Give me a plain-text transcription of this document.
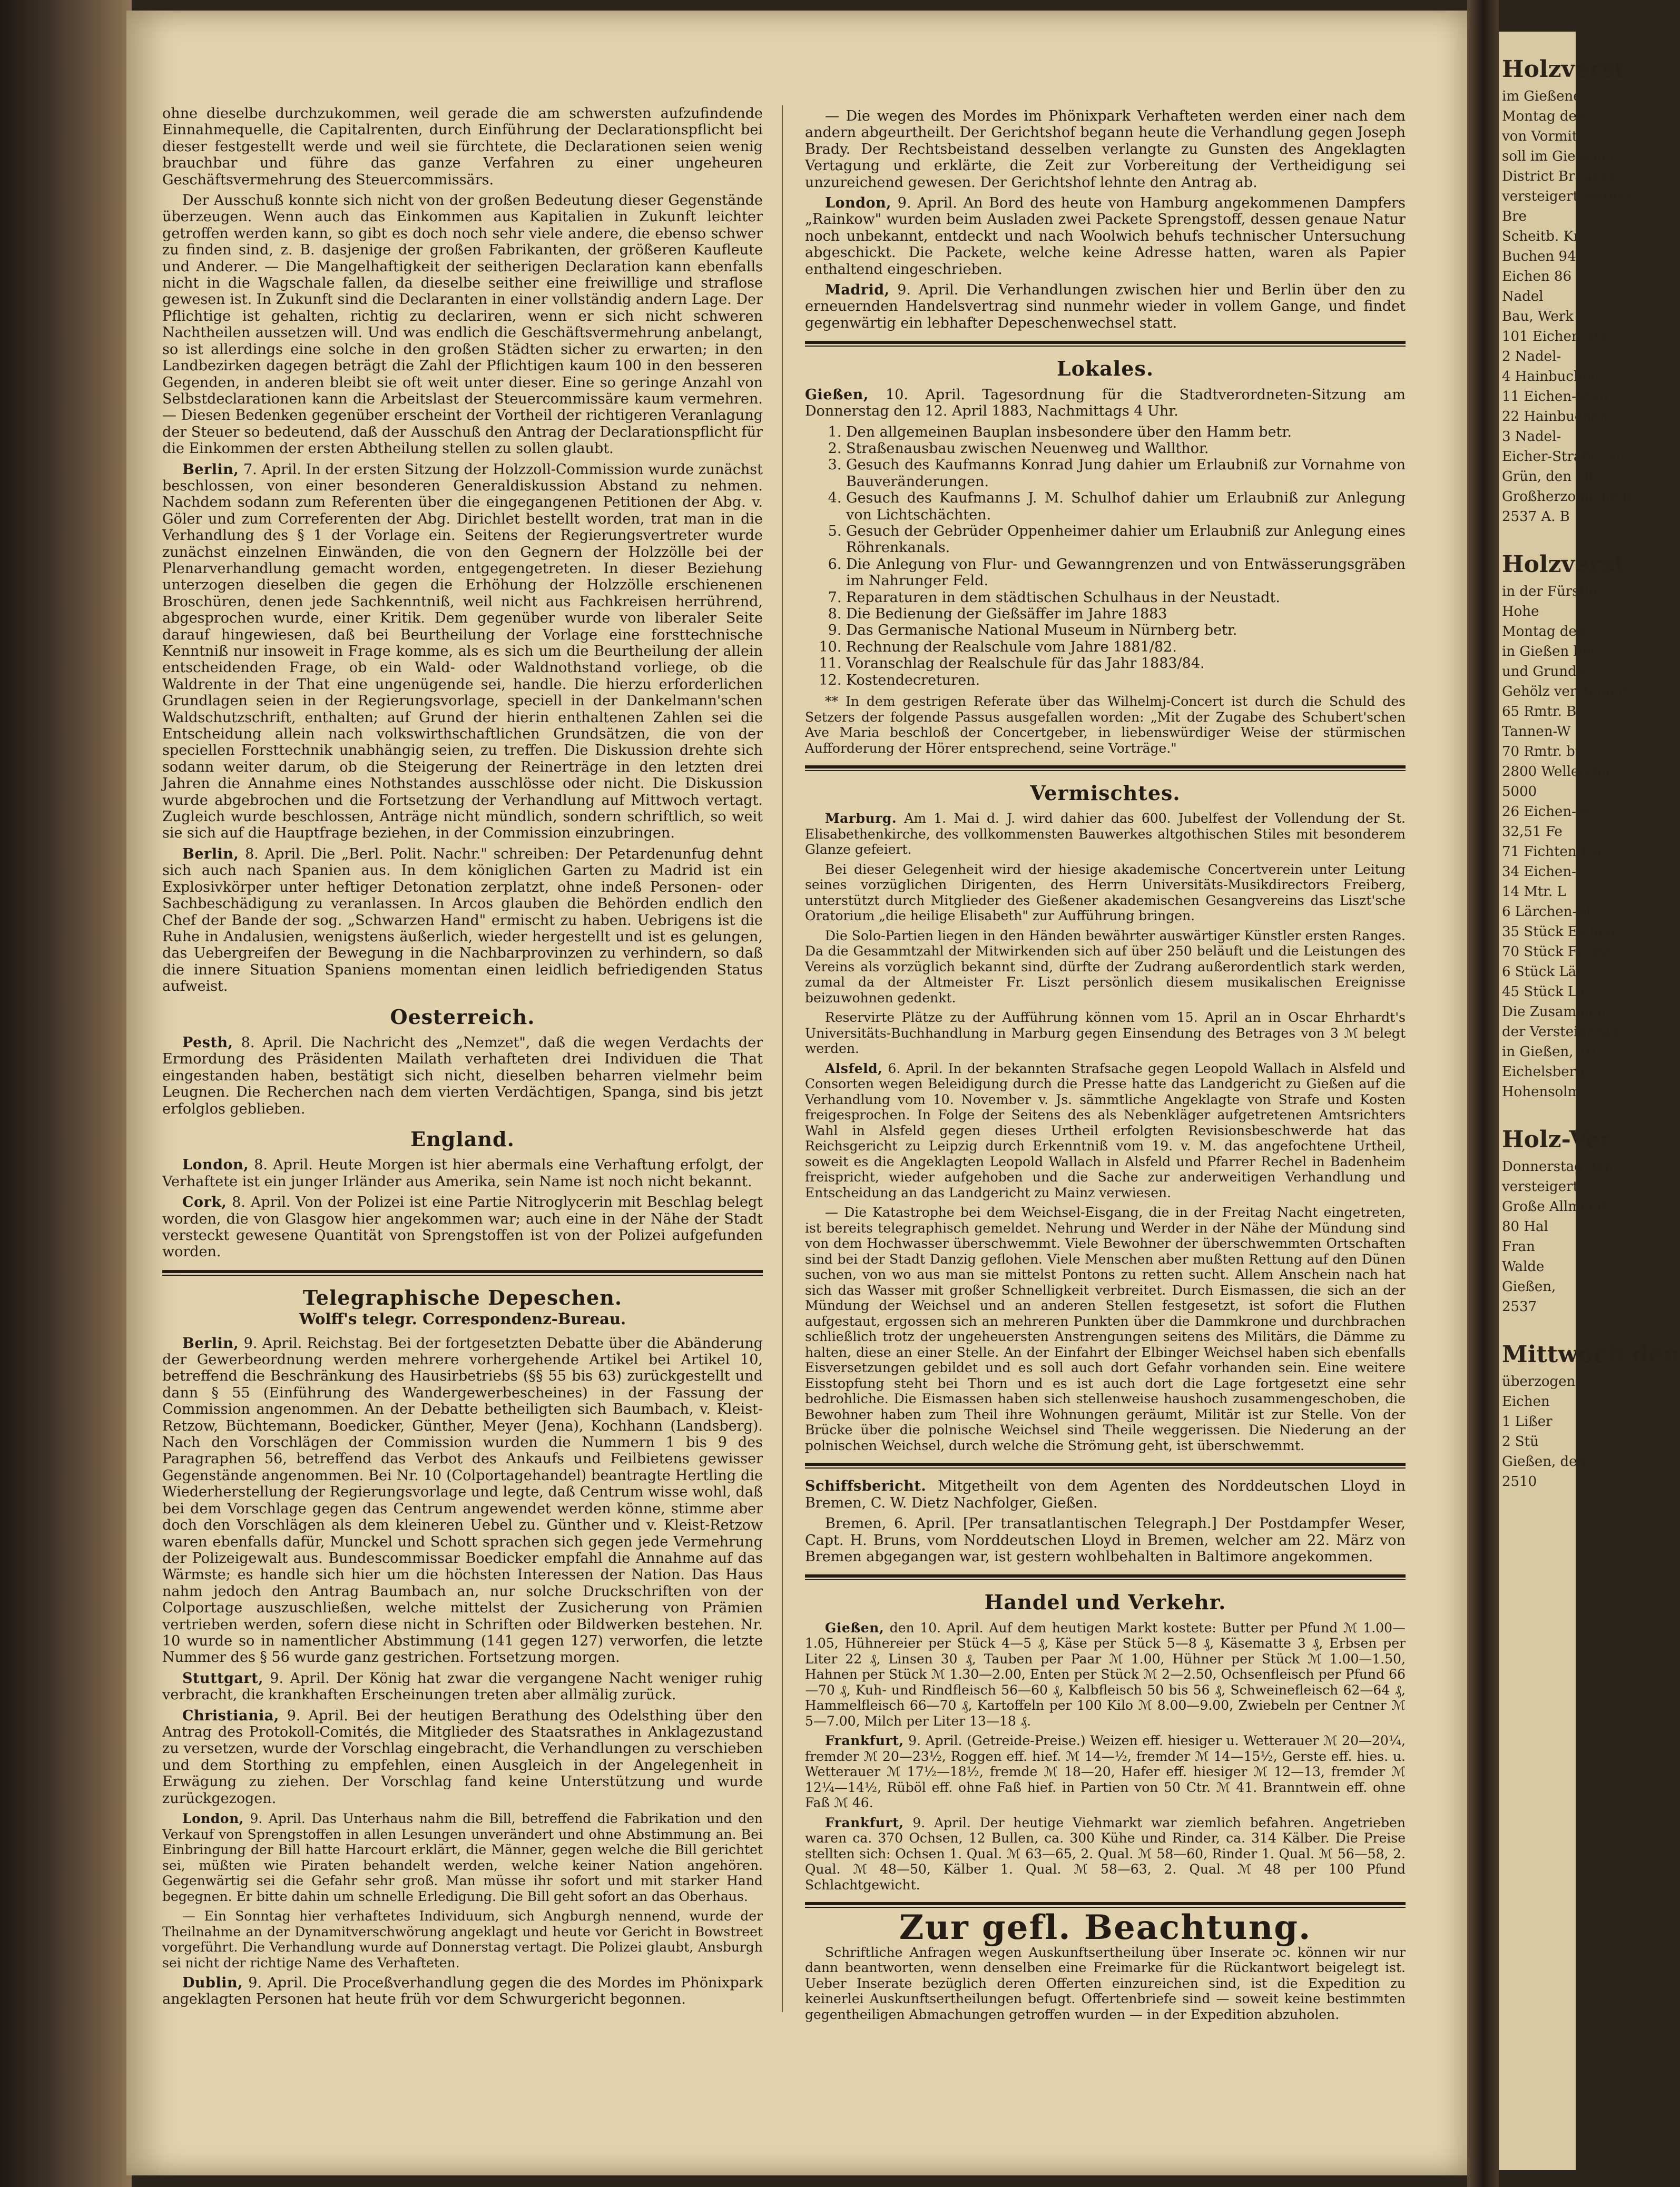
ohne dieselbe durchzukommen, weil gerade die am schwersten aufzufindende Einnahmequelle, die Capitalrenten, durch Einführung der Declarationspflicht bei dieser festgestellt werde und weil sie fürchtete, die Declarationen seien wenig brauchbar und führe das ganze Verfahren zu einer ungeheuren Geschäftsvermehrung des Steuercommissärs.

Der Ausschuß konnte sich nicht von der großen Bedeutung dieser Gegenstände überzeugen. Wenn auch das Einkommen aus Kapitalien in Zukunft leichter getroffen werden kann, so gibt es doch noch sehr viele andere, die ebenso schwer zu finden sind, z. B. dasjenige der großen Fabrikanten, der größeren Kaufleute und Anderer. — Die Mangelhaftigkeit der seitherigen Declaration kann ebenfalls nicht in die Wagschale fallen, da dieselbe seither eine freiwillige und straflose gewesen ist. In Zukunft sind die Declaranten in einer vollständig andern Lage. Der Pflichtige ist gehalten, richtig zu declariren, wenn er sich nicht schweren Nachtheilen aussetzen will. Und was endlich die Geschäftsvermehrung anbelangt, so ist allerdings eine solche in den großen Städten sicher zu erwarten; in den Landbezirken dagegen beträgt die Zahl der Pflichtigen kaum 100 in den besseren Gegenden, in anderen bleibt sie oft weit unter dieser. Eine so geringe Anzahl von Selbstdeclarationen kann die Arbeitslast der Steuercommissäre kaum vermehren. — Diesen Bedenken gegenüber erscheint der Vortheil der richtigeren Veranlagung der Steuer so bedeutend, daß der Ausschuß den Antrag der Declarationspflicht für die Einkommen der ersten Abtheilung stellen zu sollen glaubt.

Berlin, 7. April. In der ersten Sitzung der Holzzoll-Commission wurde zunächst beschlossen, von einer besonderen Generaldiskussion Abstand zu nehmen. Nachdem sodann zum Referenten über die eingegangenen Petitionen der Abg. v. Göler und zum Correferenten der Abg. Dirichlet bestellt worden, trat man in die Verhandlung des § 1 der Vorlage ein. Seitens der Regierungsvertreter wurde zunächst einzelnen Einwänden, die von den Gegnern der Holzzölle bei der Plenarverhandlung gemacht worden, entgegengetreten. In dieser Beziehung unterzogen dieselben die gegen die Erhöhung der Holzzölle erschienenen Broschüren, denen jede Sachkenntniß, weil nicht aus Fachkreisen herrührend, abgesprochen wurde, einer Kritik. Dem gegenüber wurde von liberaler Seite darauf hingewiesen, daß bei Beurtheilung der Vorlage eine forsttechnische Kenntniß nur insoweit in Frage komme, als es sich um die Beurtheilung der allein entscheidenden Frage, ob ein Wald- oder Waldnothstand vorliege, ob die Waldrente in der That eine ungenügende sei, handle. Die hierzu erforderlichen Grundlagen seien in der Regierungsvorlage, speciell in der Dankelmann'schen Waldschutzschrift, enthalten; auf Grund der hierin enthaltenen Zahlen sei die Entscheidung allein nach volkswirthschaftlichen Grundsätzen, die von der speciellen Forsttechnik unabhängig seien, zu treffen. Die Diskussion drehte sich sodann weiter darum, ob die Steigerung der Reinerträge in den letzten drei Jahren die Annahme eines Nothstandes ausschlösse oder nicht. Die Diskussion wurde abgebrochen und die Fortsetzung der Verhandlung auf Mittwoch vertagt. Zugleich wurde beschlossen, Anträge nicht mündlich, sondern schriftlich, so weit sie sich auf die Hauptfrage beziehen, in der Commission einzubringen.

Berlin, 8. April. Die „Berl. Polit. Nachr." schreiben: Der Petardenunfug dehnt sich auch nach Spanien aus. In dem königlichen Garten zu Madrid ist ein Explosivkörper unter heftiger Detonation zerplatzt, ohne indeß Personen- oder Sachbeschädigung zu veranlassen. In Arcos glauben die Behörden endlich den Chef der Bande der sog. „Schwarzen Hand" ermischt zu haben. Uebrigens ist die Ruhe in Andalusien, wenigstens äußerlich, wieder hergestellt und ist es gelungen, das Uebergreifen der Bewegung in die Nachbarprovinzen zu verhindern, so daß die innere Situation Spaniens momentan einen leidlich befriedigenden Status aufweist.

Oesterreich.

Pesth, 8. April. Die Nachricht des „Nemzet", daß die wegen Verdachts der Ermordung des Präsidenten Mailath verhafteten drei Individuen die That eingestanden haben, bestätigt sich nicht, dieselben beharren vielmehr beim Leugnen. Die Recherchen nach dem vierten Verdächtigen, Spanga, sind bis jetzt erfolglos geblieben.

England.

London, 8. April. Heute Morgen ist hier abermals eine Verhaftung erfolgt, der Verhaftete ist ein junger Irländer aus Amerika, sein Name ist noch nicht bekannt.

Cork, 8. April. Von der Polizei ist eine Partie Nitroglycerin mit Beschlag belegt worden, die von Glasgow hier angekommen war; auch eine in der Nähe der Stadt versteckt gewesene Quantität von Sprengstoffen ist von der Polizei aufgefunden worden.

Telegraphische Depeschen.
Wolff's telegr. Correspondenz-Bureau.

Berlin, 9. April. Reichstag. Bei der fortgesetzten Debatte über die Abänderung der Gewerbeordnung werden mehrere vorhergehende Artikel bei Artikel 10, betreffend die Beschränkung des Hausirbetriebs (§§ 55 bis 63) zurückgestellt und dann § 55 (Einführung des Wandergewerbescheines) in der Fassung der Commission angenommen. An der Debatte betheiligten sich Baumbach, v. Kleist-Retzow, Büchtemann, Boedicker, Günther, Meyer (Jena), Kochhann (Landsberg). Nach den Vorschlägen der Commission wurden die Nummern 1 bis 9 des Paragraphen 56, betreffend das Verbot des Ankaufs und Feilbietens gewisser Gegenstände angenommen. Bei Nr. 10 (Colportagehandel) beantragte Hertling die Wiederherstellung der Regierungsvorlage und legte, daß Centrum wisse wohl, daß bei dem Vorschlage gegen das Centrum angewendet werden könne, stimme aber doch den Vorschlägen als dem kleineren Uebel zu. Günther und v. Kleist-Retzow waren ebenfalls dafür, Munckel und Schott sprachen sich gegen jede Vermehrung der Polizeigewalt aus. Bundescommissar Boedicker empfahl die Annahme auf das Wärmste; es handle sich hier um die höchsten Interessen der Nation. Das Haus nahm jedoch den Antrag Baumbach an, nur solche Druckschriften von der Colportage auszuschließen, welche mittelst der Zusicherung von Prämien vertrieben werden, sofern diese nicht in Schriften oder Bildwerken bestehen. Nr. 10 wurde so in namentlicher Abstimmung (141 gegen 127) verworfen, die letzte Nummer des § 56 wurde ganz gestrichen. Fortsetzung morgen.

Stuttgart, 9. April. Der König hat zwar die vergangene Nacht weniger ruhig verbracht, die krankhaften Erscheinungen treten aber allmälig zurück.

Christiania, 9. April. Bei der heutigen Berathung des Odelsthing über den Antrag des Protokoll-Comités, die Mitglieder des Staatsrathes in Anklagezustand zu versetzen, wurde der Vorschlag eingebracht, die Verhandlungen zu verschieben und dem Storthing zu empfehlen, einen Ausgleich in der Angelegenheit in Erwägung zu ziehen. Der Vorschlag fand keine Unterstützung und wurde zurückgezogen.

London, 9. April. Das Unterhaus nahm die Bill, betreffend die Fabrikation und den Verkauf von Sprengstoffen in allen Lesungen unverändert und ohne Abstimmung an. Bei Einbringung der Bill hatte Harcourt erklärt, die Männer, gegen welche die Bill gerichtet sei, müßten wie Piraten behandelt werden, welche keiner Nation angehören. Gegenwärtig sei die Gefahr sehr groß. Man müsse ihr sofort und mit starker Hand begegnen. Er bitte dahin um schnelle Erledigung. Die Bill geht sofort an das Oberhaus.

— Ein Sonntag hier verhaftetes Individuum, sich Angburgh nennend, wurde der Theilnahme an der Dynamitverschwörung angeklagt und heute vor Gericht in Bowstreet vorgeführt. Die Verhandlung wurde auf Donnerstag vertagt. Die Polizei glaubt, Ansburgh sei nicht der richtige Name des Verhafteten.

Dublin, 9. April. Die Proceßverhandlung gegen die des Mordes im Phönixpark angeklagten Personen hat heute früh vor dem Schwurgericht begonnen.

— Die wegen des Mordes im Phönixpark Verhafteten werden einer nach dem andern abgeurtheilt. Der Gerichtshof begann heute die Verhandlung gegen Joseph Brady. Der Rechtsbeistand desselben verlangte zu Gunsten des Angeklagten Vertagung und erklärte, die Zeit zur Vorbereitung der Vertheidigung sei unzureichend gewesen. Der Gerichtshof lehnte den Antrag ab.

London, 9. April. An Bord des heute von Hamburg angekommenen Dampfers „Rainkow" wurden beim Ausladen zwei Packete Sprengstoff, dessen genaue Natur noch unbekannt, entdeckt und nach Woolwich behufs technischer Untersuchung abgeschickt. Die Packete, welche keine Adresse hatten, waren als Papier enthaltend eingeschrieben.

Madrid, 9. April. Die Verhandlungen zwischen hier und Berlin über den zu erneuernden Handelsvertrag sind nunmehr wieder in vollem Gange, und findet gegenwärtig ein lebhafter Depeschenwechsel statt.

Lokales.

Gießen, 10. April. Tagesordnung für die Stadtverordneten-Sitzung am Donnerstag den 12. April 1883, Nachmittags 4 Uhr.

1. Den allgemeinen Bauplan insbesondere über den Hamm betr.
2. Straßenausbau zwischen Neuenweg und Wallthor.
3. Gesuch des Kaufmanns Konrad Jung dahier um Erlaubniß zur Vornahme von Bauveränderungen.
4. Gesuch des Kaufmanns J. M. Schulhof dahier um Erlaubniß zur Anlegung von Lichtschächten.
5. Gesuch der Gebrüder Oppenheimer dahier um Erlaubniß zur Anlegung eines Röhrenkanals.
6. Die Anlegung von Flur- und Gewanngrenzen und von Entwässerungsgräben im Nahrunger Feld.
7. Reparaturen in dem städtischen Schulhaus in der Neustadt.
8. Die Bedienung der Gießsäffer im Jahre 1883
9. Das Germanische National Museum in Nürnberg betr.
10. Rechnung der Realschule vom Jahre 1881/82.
11. Voranschlag der Realschule für das Jahr 1883/84.
12. Kostendecreturen.

** In dem gestrigen Referate über das Wilhelmj-Concert ist durch die Schuld des Setzers der folgende Passus ausgefallen worden: „Mit der Zugabe des Schubert'schen Ave Maria beschloß der Concertgeber, in liebenswürdiger Weise der stürmischen Aufforderung der Hörer entsprechend, seine Vorträge."

Vermischtes.

Marburg. Am 1. Mai d. J. wird dahier das 600. Jubelfest der Vollendung der St. Elisabethenkirche, des vollkommensten Bauwerkes altgothischen Stiles mit besonderem Glanze gefeiert.

Bei dieser Gelegenheit wird der hiesige akademische Concertverein unter Leitung seines vorzüglichen Dirigenten, des Herrn Universitäts-Musikdirectors Freiberg, unterstützt durch Mitglieder des Gießener akademischen Gesangvereins das Liszt'sche Oratorium „die heilige Elisabeth" zur Aufführung bringen.

Die Solo-Partien liegen in den Händen bewährter auswärtiger Künstler ersten Ranges. Da die Gesammtzahl der Mitwirkenden sich auf über 250 beläuft und die Leistungen des Vereins als vorzüglich bekannt sind, dürfte der Zudrang außerordentlich stark werden, zumal da der Altmeister Fr. Liszt persönlich diesem musikalischen Ereignisse beizuwohnen gedenkt.

Reservirte Plätze zu der Aufführung können vom 15. April an in Oscar Ehrhardt's Universitäts-Buchhandlung in Marburg gegen Einsendung des Betrages von 3 ℳ belegt werden.

Alsfeld, 6. April. In der bekannten Strafsache gegen Leopold Wallach in Alsfeld und Consorten wegen Beleidigung durch die Presse hatte das Landgericht zu Gießen auf die Verhandlung vom 10. November v. Js. sämmtliche Angeklagte von Strafe und Kosten freigesprochen. In Folge der Seitens des als Nebenkläger aufgetretenen Amtsrichters Wahl in Alsfeld gegen dieses Urtheil erfolgten Revisionsbeschwerde hat das Reichsgericht zu Leipzig durch Erkenntniß vom 19. v. M. das angefochtene Urtheil, soweit es die Angeklagten Leopold Wallach in Alsfeld und Pfarrer Rechel in Badenheim freispricht, wieder aufgehoben und die Sache zur anderweitigen Verhandlung und Entscheidung an das Landgericht zu Mainz verwiesen.

— Die Katastrophe bei dem Weichsel-Eisgang, die in der Freitag Nacht eingetreten, ist bereits telegraphisch gemeldet. Nehrung und Werder in der Nähe der Mündung sind von dem Hochwasser überschwemmt. Viele Bewohner der überschwemmten Ortschaften sind bei der Stadt Danzig geflohen. Viele Menschen aber mußten Rettung auf den Dünen suchen, von wo aus man sie mittelst Pontons zu retten sucht. Allem Anschein nach hat sich das Wasser mit großer Schnelligkeit verbreitet. Durch Eismassen, die sich an der Mündung der Weichsel und an anderen Stellen festgesetzt, ist sofort die Fluthen aufgestaut, ergossen sich an mehreren Punkten über die Dammkrone und durchbrachen schließlich trotz der ungeheuersten Anstrengungen seitens des Militärs, die Dämme zu halten, diese an einer Stelle. An der Einfahrt der Elbinger Weichsel haben sich ebenfalls Eisversetzungen gebildet und es soll auch dort Gefahr vorhanden sein. Eine weitere Eisstopfung steht bei Thorn und es ist auch dort die Lage fortgesetzt eine sehr bedrohliche. Die Eismassen haben sich stellenweise haushoch zusammengeschoben, die Bewohner haben zum Theil ihre Wohnungen geräumt, Militär ist zur Stelle. Von der Brücke über die polnische Weichsel sind Theile weggerissen. Die Niederung an der polnischen Weichsel, durch welche die Strömung geht, ist überschwemmt.

Schiffsbericht. Mitgetheilt von dem Agenten des Norddeutschen Lloyd in Bremen, C. W. Dietz Nachfolger, Gießen.

Bremen, 6. April. [Per transatlantischen Telegraph.] Der Postdampfer Weser, Capt. H. Bruns, vom Norddeutschen Lloyd in Bremen, welcher am 22. März von Bremen abgegangen war, ist gestern wohlbehalten in Baltimore angekommen.

Handel und Verkehr.

Gießen, den 10. April. Auf dem heutigen Markt kostete: Butter per Pfund ℳ 1.00—1.05, Hühnereier per Stück 4—5 ₰, Käse per Stück 5—8 ₰, Käsematte 3 ₰, Erbsen per Liter 22 ₰, Linsen 30 ₰, Tauben per Paar ℳ 1.00, Hühner per Stück ℳ 1.00—1.50, Hahnen per Stück ℳ 1.30—2.00, Enten per Stück ℳ 2—2.50, Ochsenfleisch per Pfund 66—70 ₰, Kuh- und Rindfleisch 56—60 ₰, Kalbfleisch 50 bis 56 ₰, Schweinefleisch 62—64 ₰, Hammelfleisch 66—70 ₰, Kartoffeln per 100 Kilo ℳ 8.00—9.00, Zwiebeln per Centner ℳ 5—7.00, Milch per Liter 13—18 ₰.

Frankfurt, 9. April. (Getreide-Preise.) Weizen eff. hiesiger u. Wetterauer ℳ 20—20¼, fremder ℳ 20—23½, Roggen eff. hief. ℳ 14—½, fremder ℳ 14—15½, Gerste eff. hies. u. Wetterauer ℳ 17½—18½, fremde ℳ 18—20, Hafer eff. hiesiger ℳ 12—13, fremder ℳ 12¼—14½, Rüböl eff. ohne Faß hief. in Partien von 50 Ctr. ℳ 41. Branntwein eff. ohne Faß ℳ 46.

Frankfurt, 9. April. Der heutige Viehmarkt war ziemlich befahren. Angetrieben waren ca. 370 Ochsen, 12 Bullen, ca. 300 Kühe und Rinder, ca. 314 Kälber. Die Preise stellten sich: Ochsen 1. Qual. ℳ 63—65, 2. Qual. ℳ 58—60, Rinder 1. Qual. ℳ 56—58, 2. Qual. ℳ 48—50, Kälber 1. Qual. ℳ 58—63, 2. Qual. ℳ 48 per 100 Pfund Schlachtgewicht.

Zur gefl. Beachtung.

Schriftliche Anfragen wegen Auskunftsertheilung über Inserate ɔc. können wir nur dann beantworten, wenn denselben eine Freimarke für die Rückantwort beigelegt ist. Ueber Inserate bezüglich deren Offerten einzureichen sind, ist die Expedition zu keinerlei Auskunftsertheilungen befugt. Offertenbriefe sind — soweit keine bestimmten gegentheiligen Abmachungen getroffen wurden — in der Expedition abzuholen.

Holzverst
im Gießene
Montag den
von Vormitt
soll im Gießener
District Braubof
versteigert werden
Bre
Scheitb. Kn
Buchen 94,7
Eichen 86
Nadel
Bau, Werk
101 Eichen-Stä
2 Nadel-
4 Hainbuchen-
11 Eichen-Stan
22 Hainbuchen-
3 Nadel-
Eicher-Straße, an
Grün, den 10
Großherzogliche B
2537 A. B
Holzverst
in der Fürstlic
Hohe
Montag den
in Gießen bei
und Grundh
Gehölz versteigert
65 Rmtr. B
Tannen-W
70 Rmtr. bu
2800 Wellen bu
5000
26 Eichen-St
32,51 Fe
71 Fichten-Ho
34 Eichen-T
14 Mtr. L
6 Lärchen-St
35 Stück Eichen
70 Stück Fichte
6 Stück Lärc
45 Stück Lärc
Die Zusammen
der Versteigerun
in Gießen, 10
Eichelsberg
Hohensolms,
Holz-Ver
Donnerstag den
versteigert
Große Allmend
80 Hal
Fran
Walde
Gießen,
2537
Mittwoch den
überzogen
Eichen
1 Lißer
2 Stü
Gießen, den
2510
